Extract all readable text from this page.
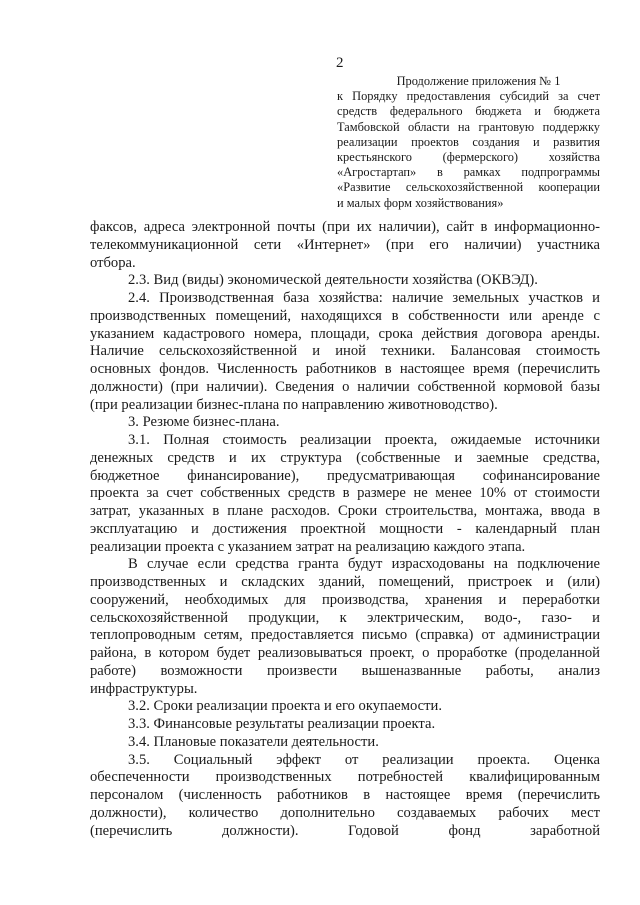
2
Продолжение приложения № 1
к Порядку предоставления субсидий за счет
средств федерального бюджета и бюджета
Тамбовской области на грантовую поддержку
реализации проектов создания и развития
крестьянского (фермерского) хозяйства
«Агростартап» в рамках подпрограммы
«Развитие сельскохозяйственной кооперации
и малых форм хозяйствования»
факсов, адреса электронной почты (при их наличии), сайт в информационно-
телекоммуникационной сети «Интернет» (при его наличии) участника
отбора.
2.3. Вид (виды) экономической деятельности хозяйства (ОКВЭД).
2.4. Производственная база хозяйства: наличие земельных участков и
производственных помещений, находящихся в собственности или аренде с
указанием кадастрового номера, площади, срока действия договора аренды.
Наличие сельскохозяйственной и иной техники. Балансовая стоимость
основных фондов. Численность работников в настоящее время (перечислить
должности) (при наличии). Сведения о наличии собственной кормовой базы
(при реализации бизнес-плана по направлению животноводство).
3. Резюме бизнес-плана.
3.1. Полная стоимость реализации проекта, ожидаемые источники
денежных средств и их структура (собственные и заемные средства,
бюджетное финансирование), предусматривающая софинансирование
проекта за счет собственных средств в размере не менее 10% от стоимости
затрат, указанных в плане расходов. Сроки строительства, монтажа, ввода в
эксплуатацию и достижения проектной мощности - календарный план
реализации проекта с указанием затрат на реализацию каждого этапа.
В случае если средства гранта будут израсходованы на подключение
производственных и складских зданий, помещений, пристроек и (или)
сооружений, необходимых для производства, хранения и переработки
сельскохозяйственной продукции, к электрическим, водо-, газо- и
теплопроводным сетям, предоставляется письмо (справка) от администрации
района, в котором будет реализовываться проект, о проработке (проделанной
работе) возможности произвести вышеназванные работы, анализ
инфраструктуры.
3.2. Сроки реализации проекта и его окупаемости.
3.3. Финансовые результаты реализации проекта.
3.4. Плановые показатели деятельности.
3.5. Социальный эффект от реализации проекта. Оценка
обеспеченности производственных потребностей квалифицированным
персоналом (численность работников в настоящее время (перечислить
должности), количество дополнительно создаваемых рабочих мест
(перечислить должности). Годовой фонд заработной
